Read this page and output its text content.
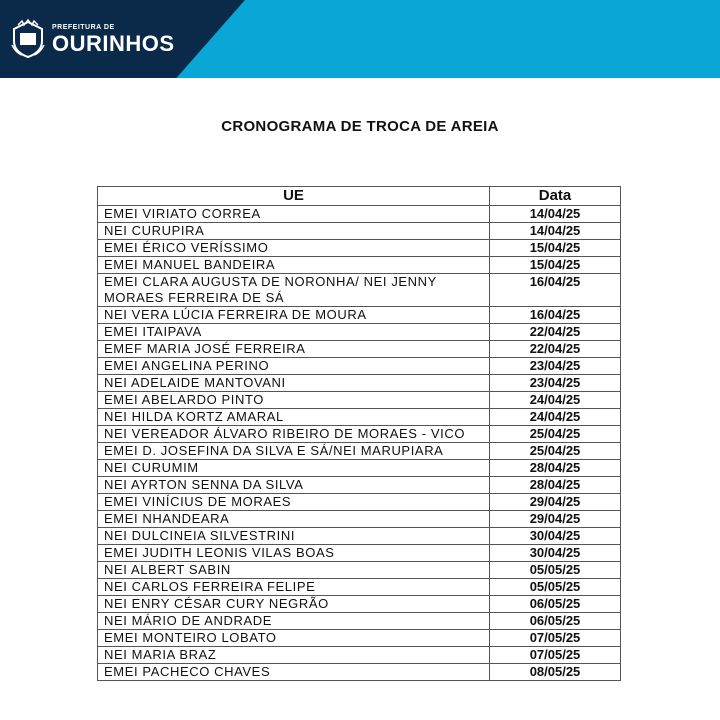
PREFEITURA DE
OURINHOS
CRONOGRAMA DE TROCA DE AREIA
UE	Data
EMEI VIRIATO CORREA	14/04/25
NEI CURUPIRA	14/04/25
EMEI ÉRICO VERÍSSIMO	15/04/25
EMEI MANUEL BANDEIRA	15/04/25
EMEI CLARA AUGUSTA DE NORONHA/ NEI JENNY MORAES FERREIRA DE SÁ	16/04/25
NEI VERA LÚCIA FERREIRA DE MOURA	16/04/25
EMEI ITAIPAVA	22/04/25
EMEF MARIA JOSÉ FERREIRA	22/04/25
EMEI ANGELINA PERINO	23/04/25
NEI ADELAIDE MANTOVANI	23/04/25
EMEI ABELARDO PINTO	24/04/25
NEI HILDA KORTZ AMARAL	24/04/25
NEI VEREADOR ÁLVARO RIBEIRO DE MORAES - VICO	25/04/25
EMEI D. JOSEFINA DA SILVA E SÁ/NEI MARUPIARA	25/04/25
NEI CURUMIM	28/04/25
NEI AYRTON SENNA DA SILVA	28/04/25
EMEI VINÍCIUS DE MORAES	29/04/25
EMEI NHANDEARA	29/04/25
NEI DULCINEIA SILVESTRINI	30/04/25
EMEI JUDITH LEONIS VILAS BOAS	30/04/25
NEI ALBERT SABIN	05/05/25
NEI CARLOS FERREIRA FELIPE	05/05/25
NEI ENRY CÉSAR CURY NEGRÃO	06/05/25
NEI MÁRIO DE ANDRADE	06/05/25
EMEI MONTEIRO LOBATO	07/05/25
NEI MARIA BRAZ	07/05/25
EMEI PACHECO CHAVES	08/05/25
